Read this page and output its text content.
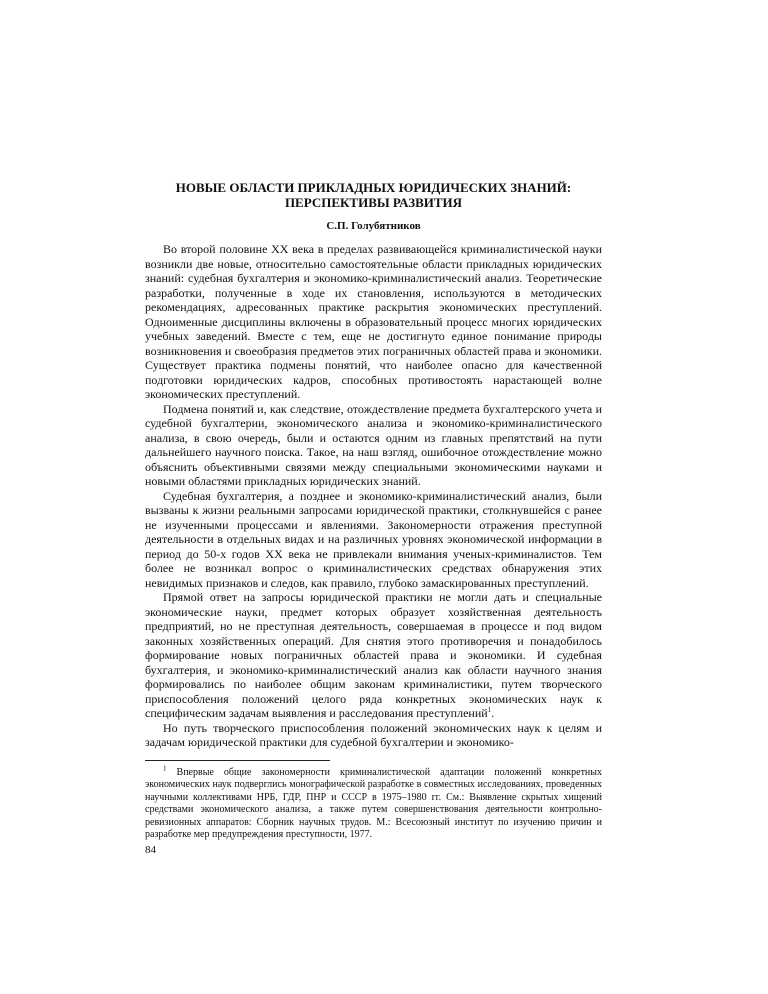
НОВЫЕ ОБЛАСТИ ПРИКЛАДНЫХ ЮРИДИЧЕСКИХ ЗНАНИЙ:
ПЕРСПЕКТИВЫ РАЗВИТИЯ

С.П. Голубятников

Во второй половине XX века в пределах развивающейся криминалистической науки возникли две новые, относительно самостоятельные области прикладных юридических знаний: судебная бухгалтерия и экономико-криминалистический анализ. Теоретические разработки, полученные в ходе их становления, используются в методических рекомендациях, адресованных практике раскрытия экономических преступлений. Одноименные дисциплины включены в образовательный процесс многих юридических учебных заведений. Вместе с тем, еще не достигнуто единое понимание природы возникновения и своеобразия предметов этих пограничных областей права и экономики. Существует практика подмены понятий, что наиболее опасно для качественной подготовки юридических кадров, способных противостоять нарастающей волне экономических преступлений.

Подмена понятий и, как следствие, отождествление предмета бухгалтерского учета и судебной бухгалтерии, экономического анализа и экономико-криминалистического анализа, в свою очередь, были и остаются одним из главных препятствий на пути дальнейшего научного поиска. Такое, на наш взгляд, ошибочное отождествление можно объяснить объективными связями между специальными экономическими науками и новыми областями прикладных юридических знаний.

Судебная бухгалтерия, а позднее и экономико-криминалистический анализ, были вызваны к жизни реальными запросами юридической практики, столкнувшейся с ранее не изученными процессами и явлениями. Закономерности отражения преступной деятельности в отдельных видах и на различных уровнях экономической информации в период до 50-х годов XX века не привлекали внимания ученых-криминалистов. Тем более не возникал вопрос о криминалистических средствах обнаружения этих невидимых признаков и следов, как правило, глубоко замаскированных преступлений.

Прямой ответ на запросы юридической практики не могли дать и специальные экономические науки, предмет которых образует хозяйственная деятельность предприятий, но не преступная деятельность, совершаемая в процессе и под видом законных хозяйственных операций. Для снятия этого противоречия и понадобилось формирование новых пограничных областей права и экономики. И судебная бухгалтерия, и экономико-криминалистический анализ как области научного знания формировались по наиболее общим законам криминалистики, путем творческого приспособления положений целого ряда конкретных экономических наук к специфическим задачам выявления и расследования преступлений$^1$.

Но путь творческого приспособления положений экономических наук к целям и задачам юридической практики для судебной бухгалтерии и экономико-

$^1$ Впервые общие закономерности криминалистической адаптации положений конкретных экономических наук подверглись монографической разработке в совместных исследованиях, проведенных научными коллективами НРБ, ГДР, ПНР и СССР в 1975–1980 гг. См.: Выявление скрытых хищений средствами экономического анализа, а также путем совершенствования деятельности контрольно-ревизионных аппаратов: Сборник научных трудов. М.: Всесоюзный институт по изучению причин и разработке мер предупреждения преступности, 1977.

84
